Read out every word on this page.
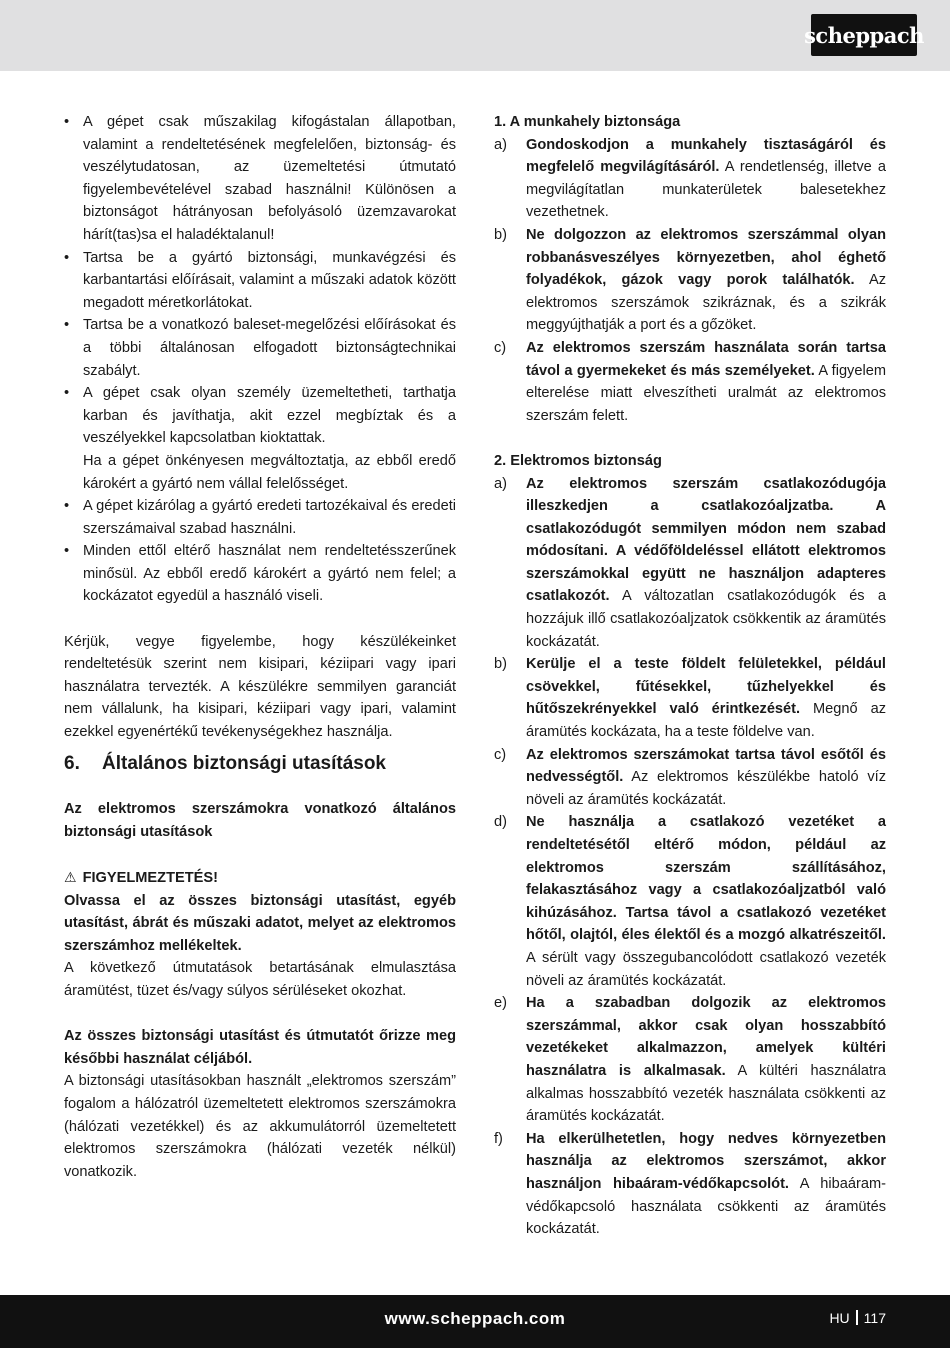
scheppach
• A gépet csak műszakilag kifogástalan állapotban, valamint a rendeltetésének megfelelően, biztonság- és veszélytudatosan, az üzemeltetési útmutató figyelembevételével szabad használni! Különösen a biztonságot hátrányosan befolyásoló üzemzavarokat hárít(tas)sa el haladéktalanul!
• Tartsa be a gyártó biztonsági, munkavégzési és karbantartási előírásait, valamint a műszaki adatok között megadott méretkorlátokat.
• Tartsa be a vonatkozó baleset-megelőzési előírásokat és a többi általánosan elfogadott biztonságtechnikai szabályt.
• A gépet csak olyan személy üzemeltetheti, tarthatja karban és javíthatja, akit ezzel megbíztak és a veszélyekkel kapcsolatban kioktattak.
Ha a gépet önkényesen megváltoztatja, az ebből eredő károkért a gyártó nem vállal felelősséget.
• A gépet kizárólag a gyártó eredeti tartozékaival és eredeti szerszámaival szabad használni.
• Minden ettől eltérő használat nem rendeltetésszerűnek minősül. Az ebből eredő károkért a gyártó nem felel; a kockázatot egyedül a használó viseli.

Kérjük, vegye figyelembe, hogy készülékeinket rendeltetésük szerint nem kisipari, kéziipari vagy ipari használatra tervezték. A készülékre semmilyen garanciát nem vállalunk, ha kisipari, kéziipari vagy ipari, valamint ezekkel egyenértékű tevékenységekhez használja.

6.	Általános biztonsági utasítások

Az elektromos szerszámokra vonatkozó általános biztonsági utasítások

⚠ FIGYELMEZTETÉS!

Olvassa el az összes biztonsági utasítást, egyéb utasítást, ábrát és műszaki adatot, melyet az elektromos szerszámhoz mellékeltek.

A következő útmutatások betartásának elmulasztása áramütést, tüzet és/vagy súlyos sérüléseket okozhat.

Az összes biztonsági utasítást és útmutatót őrizze meg későbbi használat céljából.

A biztonsági utasításokban használt „elektromos szerszám” fogalom a hálózatról üzemeltetett elektromos szerszámokra (hálózati vezetékkel) és az akkumulátorról üzemeltetett elektromos szerszámokra (hálózati vezeték nélkül) vonatkozik.

1. A munkahely biztonsága

a)	Gondoskodjon a munkahely tisztaságáról és megfelelő megvilágításáról. A rendetlenség, illetve a megvilágítatlan munkaterületek balesetekhez vezethetnek.
b)	Ne dolgozzon az elektromos szerszámmal olyan robbanásveszélyes környezetben, ahol éghető folyadékok, gázok vagy porok találhatók. Az elektromos szerszámok szikráznak, és a szikrák meggyújthatják a port és a gőzöket.
c)	Az elektromos szerszám használata során tartsa távol a gyermekeket és más személyeket. A figyelem elterelése miatt elveszítheti uralmát az elektromos szerszám felett.

2. Elektromos biztonság

a)	Az elektromos szerszám csatlakozódugója illeszkedjen a csatlakozóaljzatba. A csatlakozódugót semmilyen módon nem szabad módosítani. A védőföldeléssel ellátott elektromos szerszámokkal együtt ne használjon adapteres csatlakozót. A változatlan csatlakozódugók és a hozzájuk illő csatlakozóaljzatok csökkentik az áramütés kockázatát.
b)	Kerülje el a teste földelt felületekkel, például csövekkel, fűtésekkel, tűzhelyekkel és hűtőszekrényekkel való érintkezését. Megnő az áramütés kockázata, ha a teste földelve van.
c)	Az elektromos szerszámokat tartsa távol esőtől és nedvességtől. Az elektromos készülékbe hatoló víz növeli az áramütés kockázatát.
d)	Ne használja a csatlakozó vezetéket a rendeltetésétől eltérő módon, például az elektromos szerszám szállításához, felakasztásához vagy a csatlakozóaljzatból való kihúzásához. Tartsa távol a csatlakozó vezetéket hőtől, olajtól, éles élektől és a mozgó alkatrészeitől. A sérült vagy összegubancolódott csatlakozó vezeték növeli az áramütés kockázatát.
e)	Ha a szabadban dolgozik az elektromos szerszámmal, akkor csak olyan hosszabbító vezetékeket alkalmazzon, amelyek kültéri használatra is alkalmasak. A kültéri használatra alkalmas hosszabbító vezeték használata csökkenti az áramütés kockázatát.
f)	Ha elkerülhetetlen, hogy nedves környezetben használja az elektromos szerszámot, akkor használjon hibaáram-védőkapcsolót. A hibaáram-védőkapcsoló használata csökkenti az áramütés kockázatát.
www.scheppach.com	HU 117
